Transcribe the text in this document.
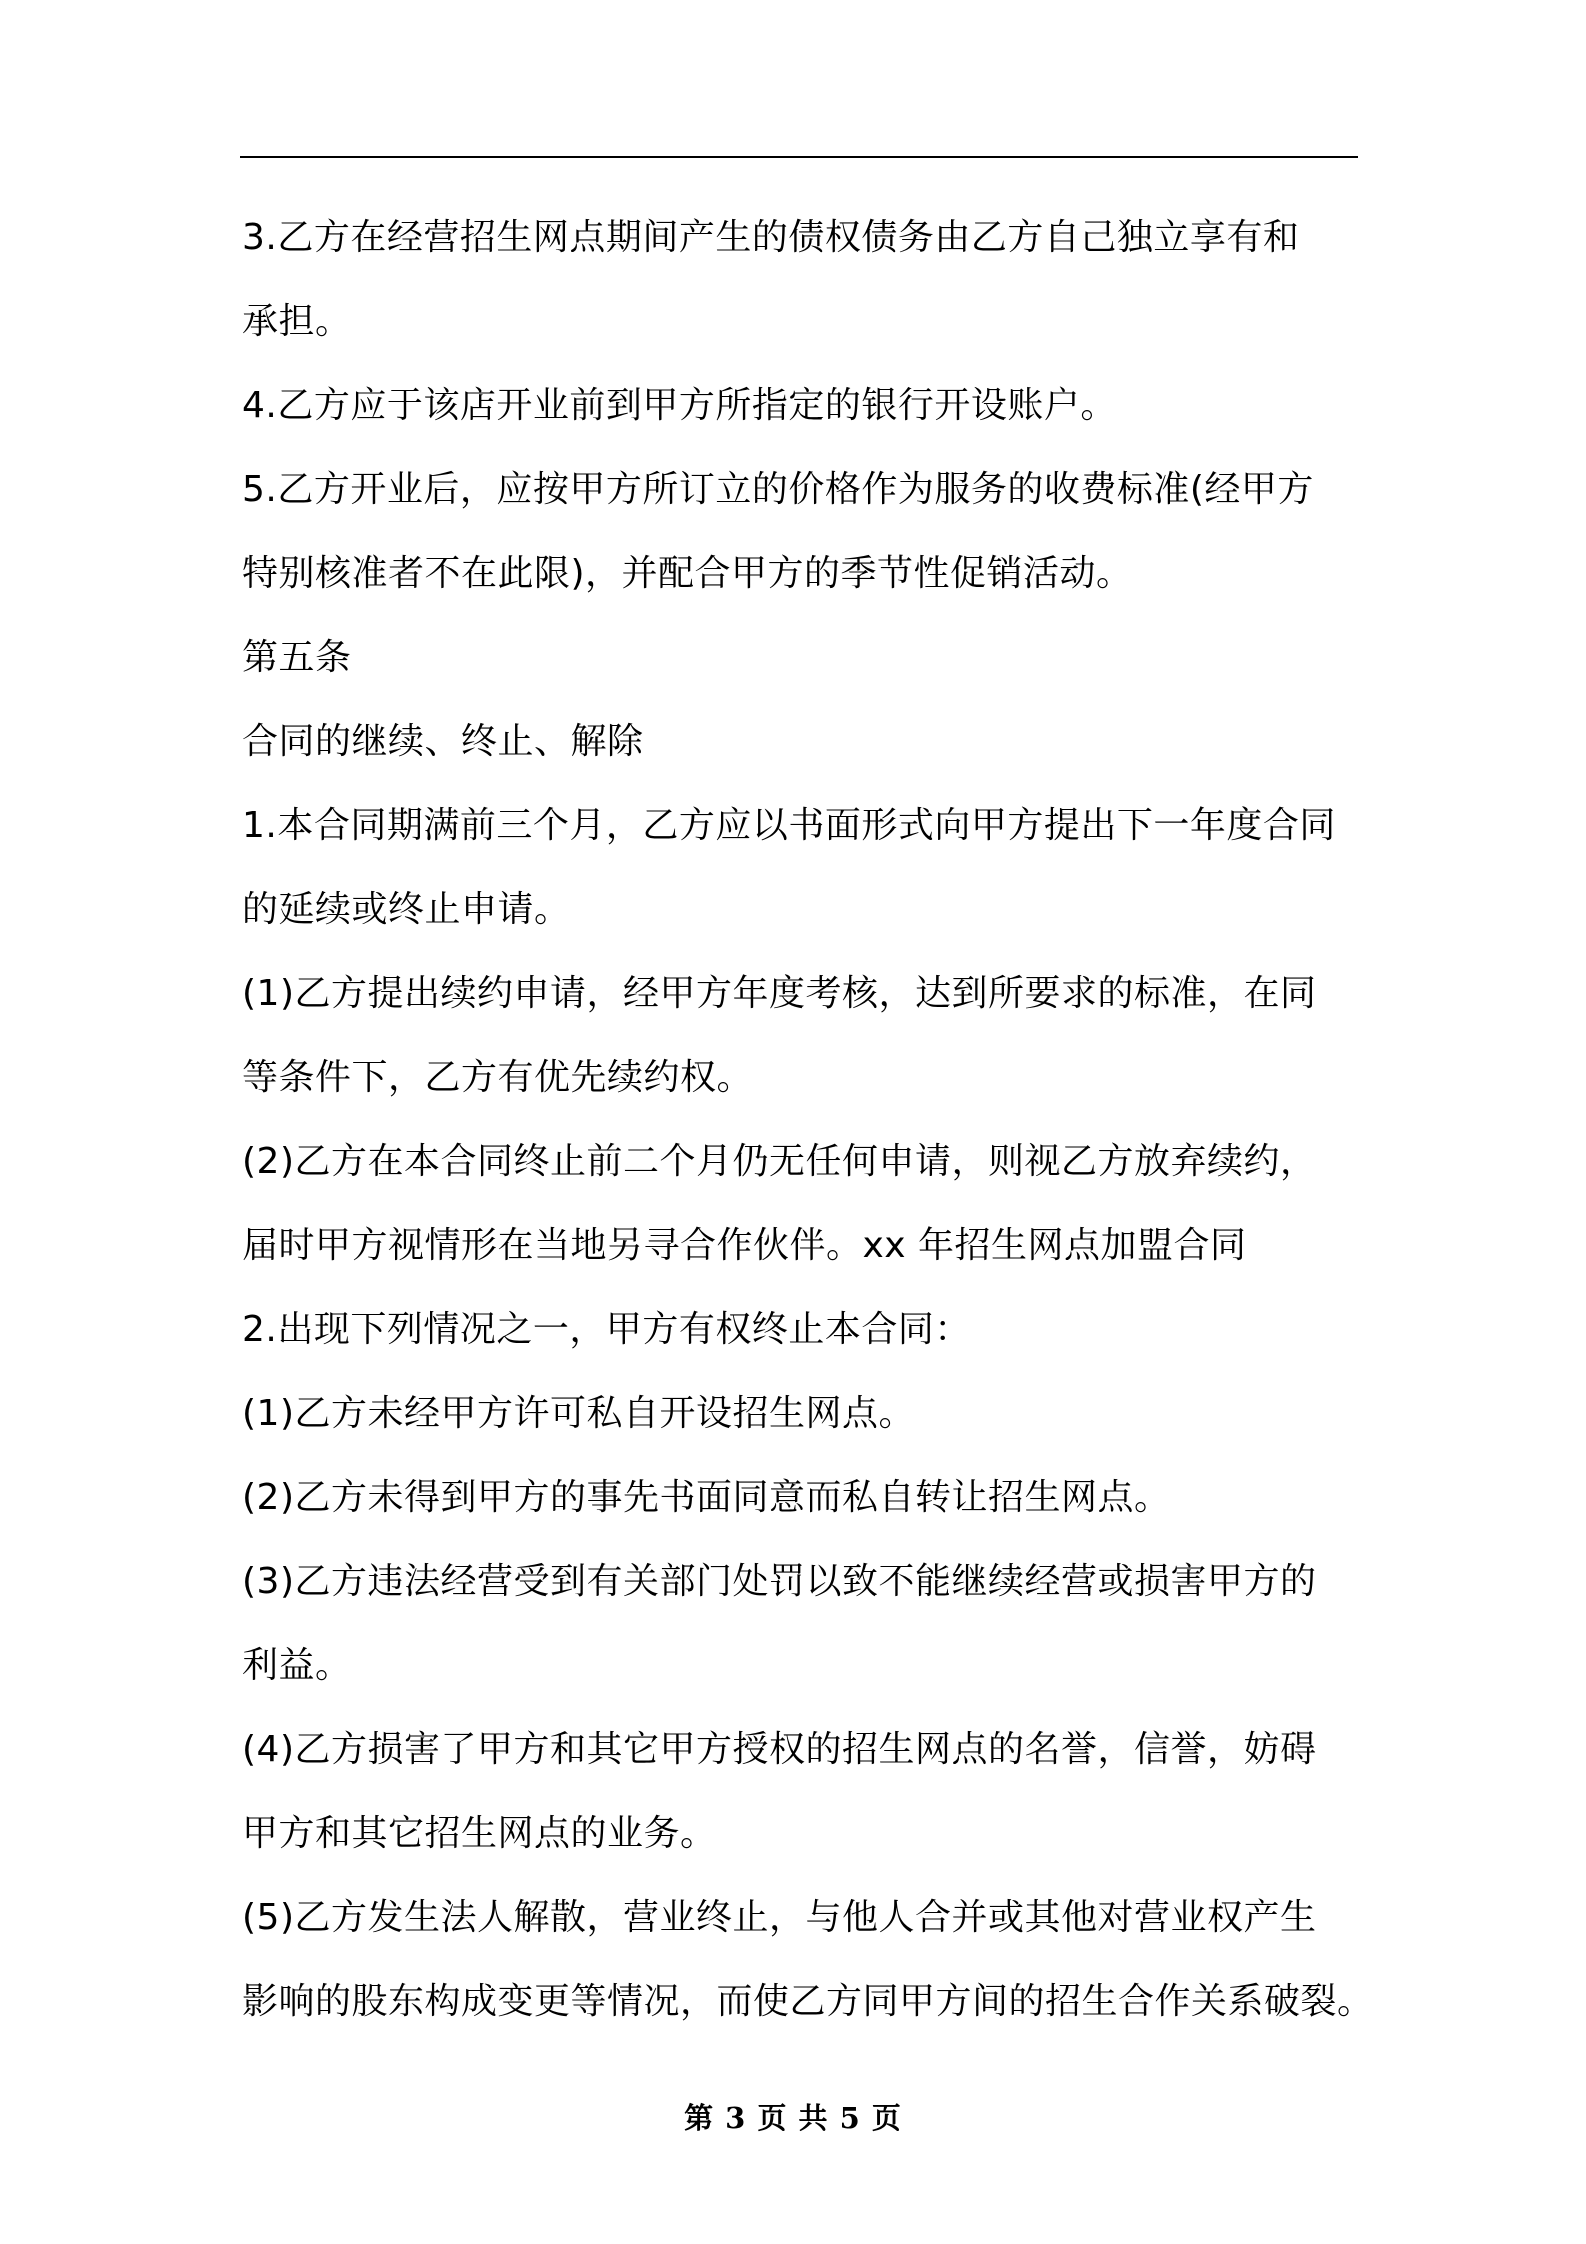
3.乙方在经营招生网点期间产生的债权债务由乙方自己独立享有和
承担。
4.乙方应于该店开业前到甲方所指定的银行开设账户。
5.乙方开业后，应按甲方所订立的价格作为服务的收费标准(经甲方
特别核准者不在此限)，并配合甲方的季节性促销活动。
第五条
合同的继续、终止、解除
1.本合同期满前三个月，乙方应以书面形式向甲方提出下一年度合同
的延续或终止申请。
(1)乙方提出续约申请，经甲方年度考核，达到所要求的标准，在同
等条件下，乙方有优先续约权。
(2)乙方在本合同终止前二个月仍无任何申请，则视乙方放弃续约，
届时甲方视情形在当地另寻合作伙伴。xx 年招生网点加盟合同
2.出现下列情况之一，甲方有权终止本合同：
(1)乙方未经甲方许可私自开设招生网点。
(2)乙方未得到甲方的事先书面同意而私自转让招生网点。
(3)乙方违法经营受到有关部门处罚以致不能继续经营或损害甲方的
利益。
(4)乙方损害了甲方和其它甲方授权的招生网点的名誉，信誉，妨碍
甲方和其它招生网点的业务。
(5)乙方发生法人解散，营业终止，与他人合并或其他对营业权产生
影响的股东构成变更等情况，而使乙方同甲方间的招生合作关系破裂。
第 3 页 共 5 页
